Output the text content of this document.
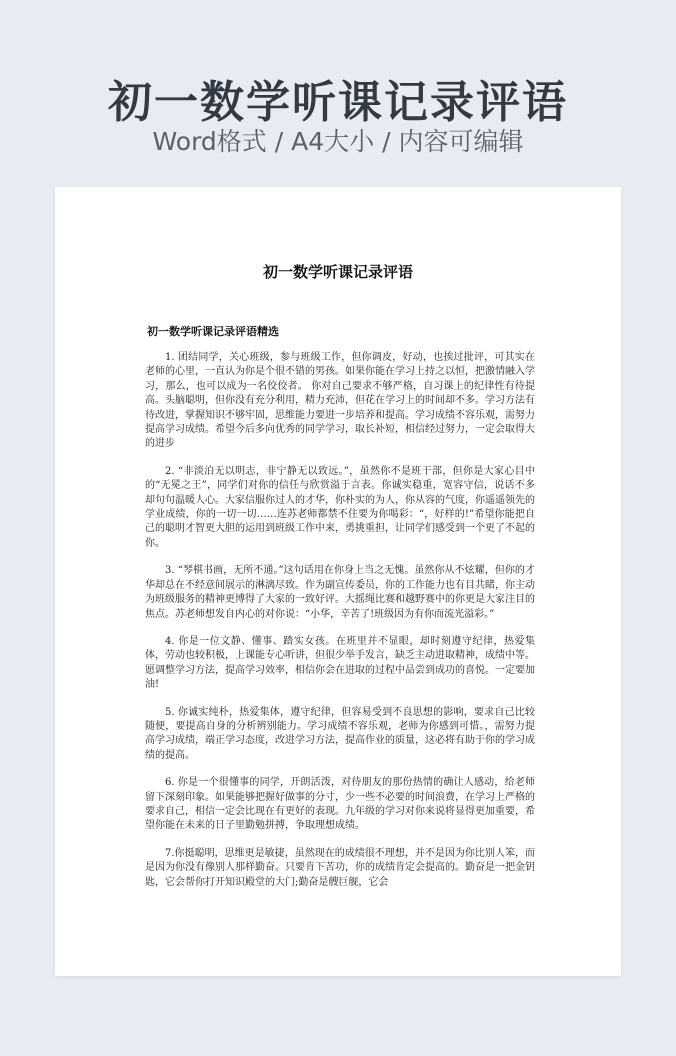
初一数学听课记录评语
Word格式 / A4大小 / 内容可编辑
初一数学听课记录评语
初一数学听课记录评语精选

1. 团结同学，关心班级，参与班级工作，但你调皮，好动，也挨过批评，可其实在老师的心里，一直认为你是个很不错的男孩。如果你能在学习上持之以恒，把激情融入学习，那么，也可以成为一名佼佼者。 你对自己要求不够严格，自习课上的纪律性有待提高。头脑聪明，但你没有充分利用，精力充沛，但花在学习上的时间却不多。学习方法有待改进，掌握知识不够牢固，思维能力要进一步培养和提高。学习成绩不容乐观，需努力提高学习成绩。希望今后多向优秀的同学学习，取长补短，相信经过努力，一定会取得大的进步

2. “非淡泊无以明志，非宁静无以致远。”，虽然你不是班干部，但你是大家心目中的“无冕之王”，同学们对你的信任与欣赏溢于言表。你诚实稳重，宽容守信，说话不多却句句温暖人心。大家信服你过人的才华，你朴实的为人，你从容的气度，你遥遥领先的学业成绩，你的一切一切……连苏老师都禁不住要为你喝彩：“，好样的!”希望你能把自己的聪明才智更大胆的运用到班级工作中来，勇挑重担，让同学们感受到一个更了不起的你。

3. “琴棋书画，无所不通。”这句话用在你身上当之无愧。虽然你从不炫耀，但你的才华却总在不经意间展示的淋漓尽致。作为副宣传委员，你的工作能力也有目共睹，你主动为班级服务的精神更博得了大家的一致好评。大摇绳比赛和越野赛中的你更是大家注目的焦点。苏老师想发自内心的对你说：“小华，辛苦了!班级因为有你而流光溢彩。”

4. 你是一位文静、懂事、踏实女孩。在班里并不显眼，却时刻遵守纪律，热爱集体，劳动也较积极，上课能专心听讲，但很少举手发言，缺乏主动进取精神，成绩中等。愿调整学习方法，提高学习效率，相信你会在进取的过程中品尝到成功的喜悦。一定要加油!

5. 你诚实纯朴，热爱集体，遵守纪律，但容易受到不良思想的影响，要求自己比较随便，要提高自身的分析辨别能力。学习成绩不容乐观，老师为你感到可惜。，需努力提高学习成绩，端正学习态度，改进学习方法，提高作业的质量，这必将有助于你的学习成绩的提高。

6. 你是一个很懂事的同学，开朗活泼，对待朋友的那份热情的确让人感动，给老师留下深刻印象。如果能够把握好做事的分寸，少一些不必要的时间浪费，在学习上严格的要求自己，相信一定会比现在有更好的表现。九年级的学习对你来说将显得更加重要，希望你能在未来的日子里勤勉拼搏，争取理想成绩。

7.你挺聪明，思维更是敏捷，虽然现在的成绩很不理想，并不是因为你比别人笨，而是因为你没有像别人那样勤奋。只要肯下苦功，你的成绩肯定会提高的。勤奋是一把金钥匙，它会帮你打开知识殿堂的大门;勤奋是艘巨舰，它会
